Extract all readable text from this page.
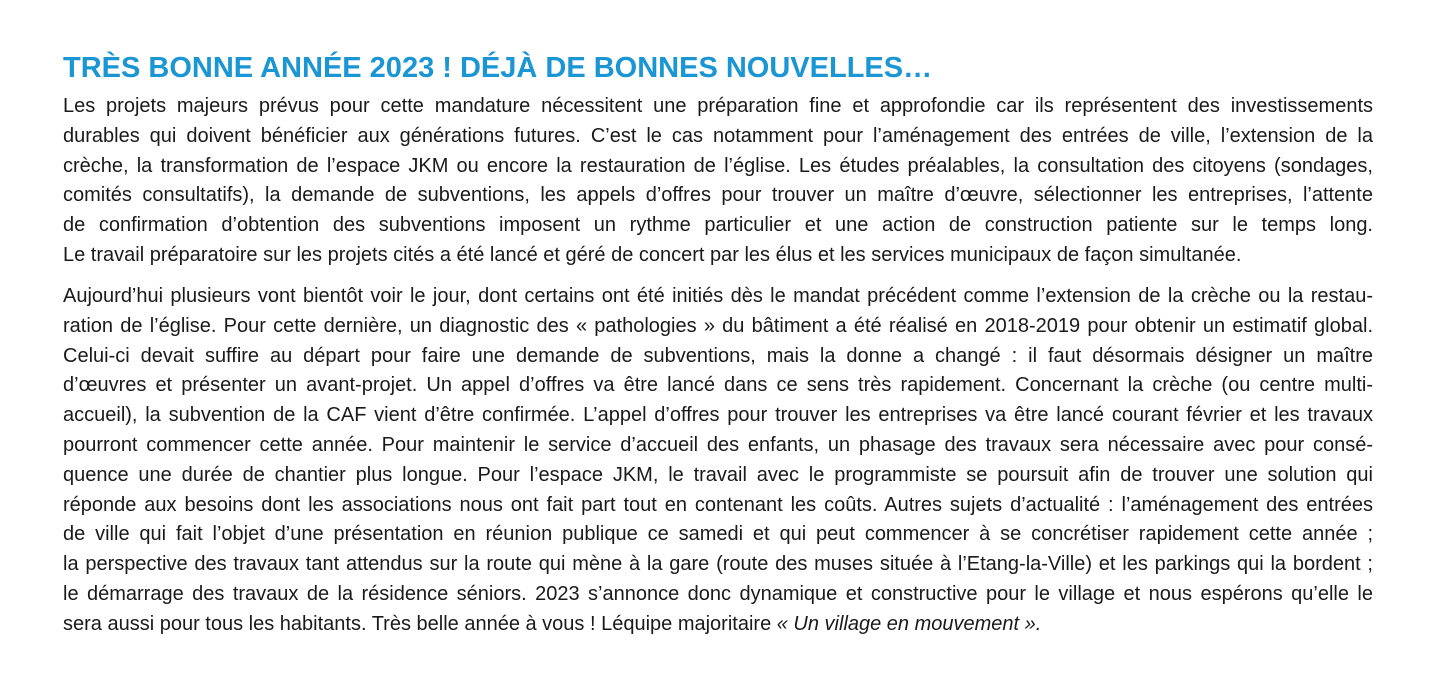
TRÈS BONNE ANNÉE 2023 ! DÉJÀ DE BONNES NOUVELLES…
Les projets majeurs prévus pour cette mandature nécessitent une préparation fine et approfondie car ils représentent des investissements
durables qui doivent bénéficier aux générations futures. C’est le cas notamment pour l’aménagement des entrées de ville, l’extension de la
crèche, la transformation de l’espace JKM ou encore la restauration de l’église. Les études préalables, la consultation des citoyens (sondages,
comités consultatifs), la demande de subventions, les appels d’offres pour trouver un maître d’œuvre, sélectionner les entreprises, l’attente
de confirmation d’obtention des subventions imposent un rythme particulier et une action de construction patiente sur le temps long.
Le travail préparatoire sur les projets cités a été lancé et géré de concert par les élus et les services municipaux de façon simultanée.
Aujourd’hui plusieurs vont bientôt voir le jour, dont certains ont été initiés dès le mandat précédent comme l’extension de la crèche ou la restau-
ration de l’église. Pour cette dernière, un diagnostic des « pathologies » du bâtiment a été réalisé en 2018-2019 pour obtenir un estimatif global.
Celui-ci devait suffire au départ pour faire une demande de subventions, mais la donne a changé : il faut désormais désigner un maître
d’œuvres et présenter un avant-projet. Un appel d’offres va être lancé dans ce sens très rapidement. Concernant la crèche (ou centre multi-
accueil), la subvention de la CAF vient d’être confirmée. L’appel d’offres pour trouver les entreprises va être lancé courant février et les travaux
pourront commencer cette année. Pour maintenir le service d’accueil des enfants, un phasage des travaux sera nécessaire avec pour consé-
quence une durée de chantier plus longue. Pour l’espace JKM, le travail avec le programmiste se poursuit afin de trouver une solution qui
réponde aux besoins dont les associations nous ont fait part tout en contenant les coûts. Autres sujets d’actualité : l’aménagement des entrées
de ville qui fait l’objet d’une présentation en réunion publique ce samedi et qui peut commencer à se concrétiser rapidement cette année ;
la perspective des travaux tant attendus sur la route qui mène à la gare (route des muses située à l’Etang-la-Ville) et les parkings qui la bordent ;
le démarrage des travaux de la résidence séniors. 2023 s’annonce donc dynamique et constructive pour le village et nous espérons qu’elle le
sera aussi pour tous les habitants. Très belle année à vous ! Léquipe majoritaire « Un village en mouvement ».
